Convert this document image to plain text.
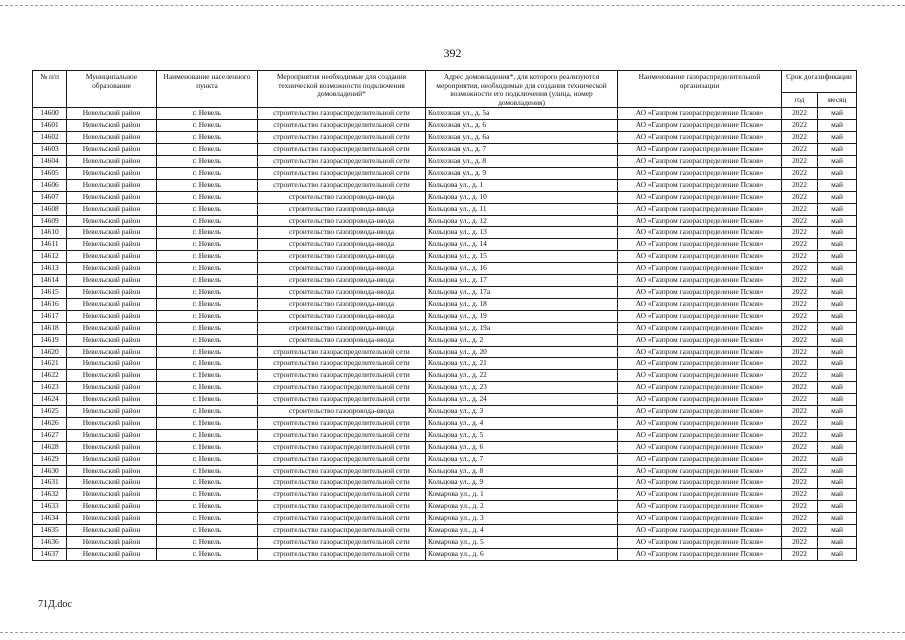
392
№ п/п	Муниципальное образование	Наименование населенного пункта	Мероприятия необходимые для создания технической возможности подключения домовладений*	Адрес домовладения*, для которого реализуются мероприятия, необходимые для создания технической возможности его подключения (улица, номер домовладения)	Наименование газораспределительной организации	Срок догазификации	
						год	месяц
14600	Невельский район	г. Невель	строительство газораспределительной сети	Колхозная ул., д. 5а	АО «Газпром газораспределение Псков»	2022	май
14601	Невельский район	г. Невель	строительство газораспределительной сети	Колхозная ул., д. 6	АО «Газпром газораспределение Псков»	2022	май
14602	Невельский район	г. Невель	строительство газораспределительной сети	Колхозная ул., д. 6а	АО «Газпром газораспределение Псков»	2022	май
14603	Невельский район	г. Невель	строительство газораспределительной сети	Колхозная ул., д. 7	АО «Газпром газораспределение Псков»	2022	май
14604	Невельский район	г. Невель	строительство газораспределительной сети	Колхозная ул., д. 8	АО «Газпром газораспределение Псков»	2022	май
14605	Невельский район	г. Невель	строительство газораспределительной сети	Колхозная ул., д. 9	АО «Газпром газораспределение Псков»	2022	май
14606	Невельский район	г. Невель	строительство газораспределительной сети	Кольцова ул., д. 1	АО «Газпром газораспределение Псков»	2022	май
14607	Невельский район	г. Невель	строительство газопровода-ввода	Кольцова ул., д. 10	АО «Газпром газораспределение Псков»	2022	май
14608	Невельский район	г. Невель	строительство газопровода-ввода	Кольцова ул., д. 11	АО «Газпром газораспределение Псков»	2022	май
14609	Невельский район	г. Невель	строительство газопровода-ввода	Кольцова ул., д. 12	АО «Газпром газораспределение Псков»	2022	май
14610	Невельский район	г. Невель	строительство газопровода-ввода	Кольцова ул., д. 13	АО «Газпром газораспределение Псков»	2022	май
14611	Невельский район	г. Невель	строительство газопровода-ввода	Кольцова ул., д. 14	АО «Газпром газораспределение Псков»	2022	май
14612	Невельский район	г. Невель	строительство газопровода-ввода	Кольцова ул., д. 15	АО «Газпром газораспределение Псков»	2022	май
14613	Невельский район	г. Невель	строительство газопровода-ввода	Кольцова ул., д. 16	АО «Газпром газораспределение Псков»	2022	май
14614	Невельский район	г. Невель	строительство газопровода-ввода	Кольцова ул., д. 17	АО «Газпром газораспределение Псков»	2022	май
14615	Невельский район	г. Невель	строительство газопровода-ввода	Кольцова ул., д. 17а	АО «Газпром газораспределение Псков»	2022	май
14616	Невельский район	г. Невель	строительство газопровода-ввода	Кольцова ул., д. 18	АО «Газпром газораспределение Псков»	2022	май
14617	Невельский район	г. Невель	строительство газопровода-ввода	Кольцова ул., д. 19	АО «Газпром газораспределение Псков»	2022	май
14618	Невельский район	г. Невель	строительство газопровода-ввода	Кольцова ул., д. 19а	АО «Газпром газораспределение Псков»	2022	май
14619	Невельский район	г. Невель	строительство газопровода-ввода	Кольцова ул., д. 2	АО «Газпром газораспределение Псков»	2022	май
14620	Невельский район	г. Невель	строительство газораспределительной сети	Кольцова ул., д. 20	АО «Газпром газораспределение Псков»	2022	май
14621	Невельский район	г. Невель	строительство газораспределительной сети	Кольцова ул., д. 21	АО «Газпром газораспределение Псков»	2022	май
14622	Невельский район	г. Невель	строительство газораспределительной сети	Кольцова ул., д. 22	АО «Газпром газораспределение Псков»	2022	май
14623	Невельский район	г. Невель	строительство газораспределительной сети	Кольцова ул., д. 23	АО «Газпром газораспределение Псков»	2022	май
14624	Невельский район	г. Невель	строительство газораспределительной сети	Кольцова ул., д. 24	АО «Газпром газораспределение Псков»	2022	май
14625	Невельский район	г. Невель	строительство газопровода-ввода	Кольцова ул., д. 3	АО «Газпром газораспределение Псков»	2022	май
14626	Невельский район	г. Невель	строительство газораспределительной сети	Кольцова ул., д. 4	АО «Газпром газораспределение Псков»	2022	май
14627	Невельский район	г. Невель	строительство газораспределительной сети	Кольцова ул., д. 5	АО «Газпром газораспределение Псков»	2022	май
14628	Невельский район	г. Невель	строительство газораспределительной сети	Кольцова ул., д. 6	АО «Газпром газораспределение Псков»	2022	май
14629	Невельский район	г. Невель	строительство газораспределительной сети	Кольцова ул., д. 7	АО «Газпром газораспределение Псков»	2022	май
14630	Невельский район	г. Невель	строительство газораспределительной сети	Кольцова ул., д. 8	АО «Газпром газораспределение Псков»	2022	май
14631	Невельский район	г. Невель	строительство газораспределительной сети	Кольцова ул., д. 9	АО «Газпром газораспределение Псков»	2022	май
14632	Невельский район	г. Невель	строительство газораспределительной сети	Комарова ул., д. 1	АО «Газпром газораспределение Псков»	2022	май
14633	Невельский район	г. Невель	строительство газораспределительной сети	Комарова ул., д. 2	АО «Газпром газораспределение Псков»	2022	май
14634	Невельский район	г. Невель	строительство газораспределительной сети	Комарова ул., д. 3	АО «Газпром газораспределение Псков»	2022	май
14635	Невельский район	г. Невель	строительство газораспределительной сети	Комарова ул., д. 4	АО «Газпром газораспределение Псков»	2022	май
14636	Невельский район	г. Невель	строительство газораспределительной сети	Комарова ул., д. 5	АО «Газпром газораспределение Псков»	2022	май
14637	Невельский район	г. Невель	строительство газораспределительной сети	Комарова ул., д. 6	АО «Газпром газораспределение Псков»	2022	май
71Д.doc
